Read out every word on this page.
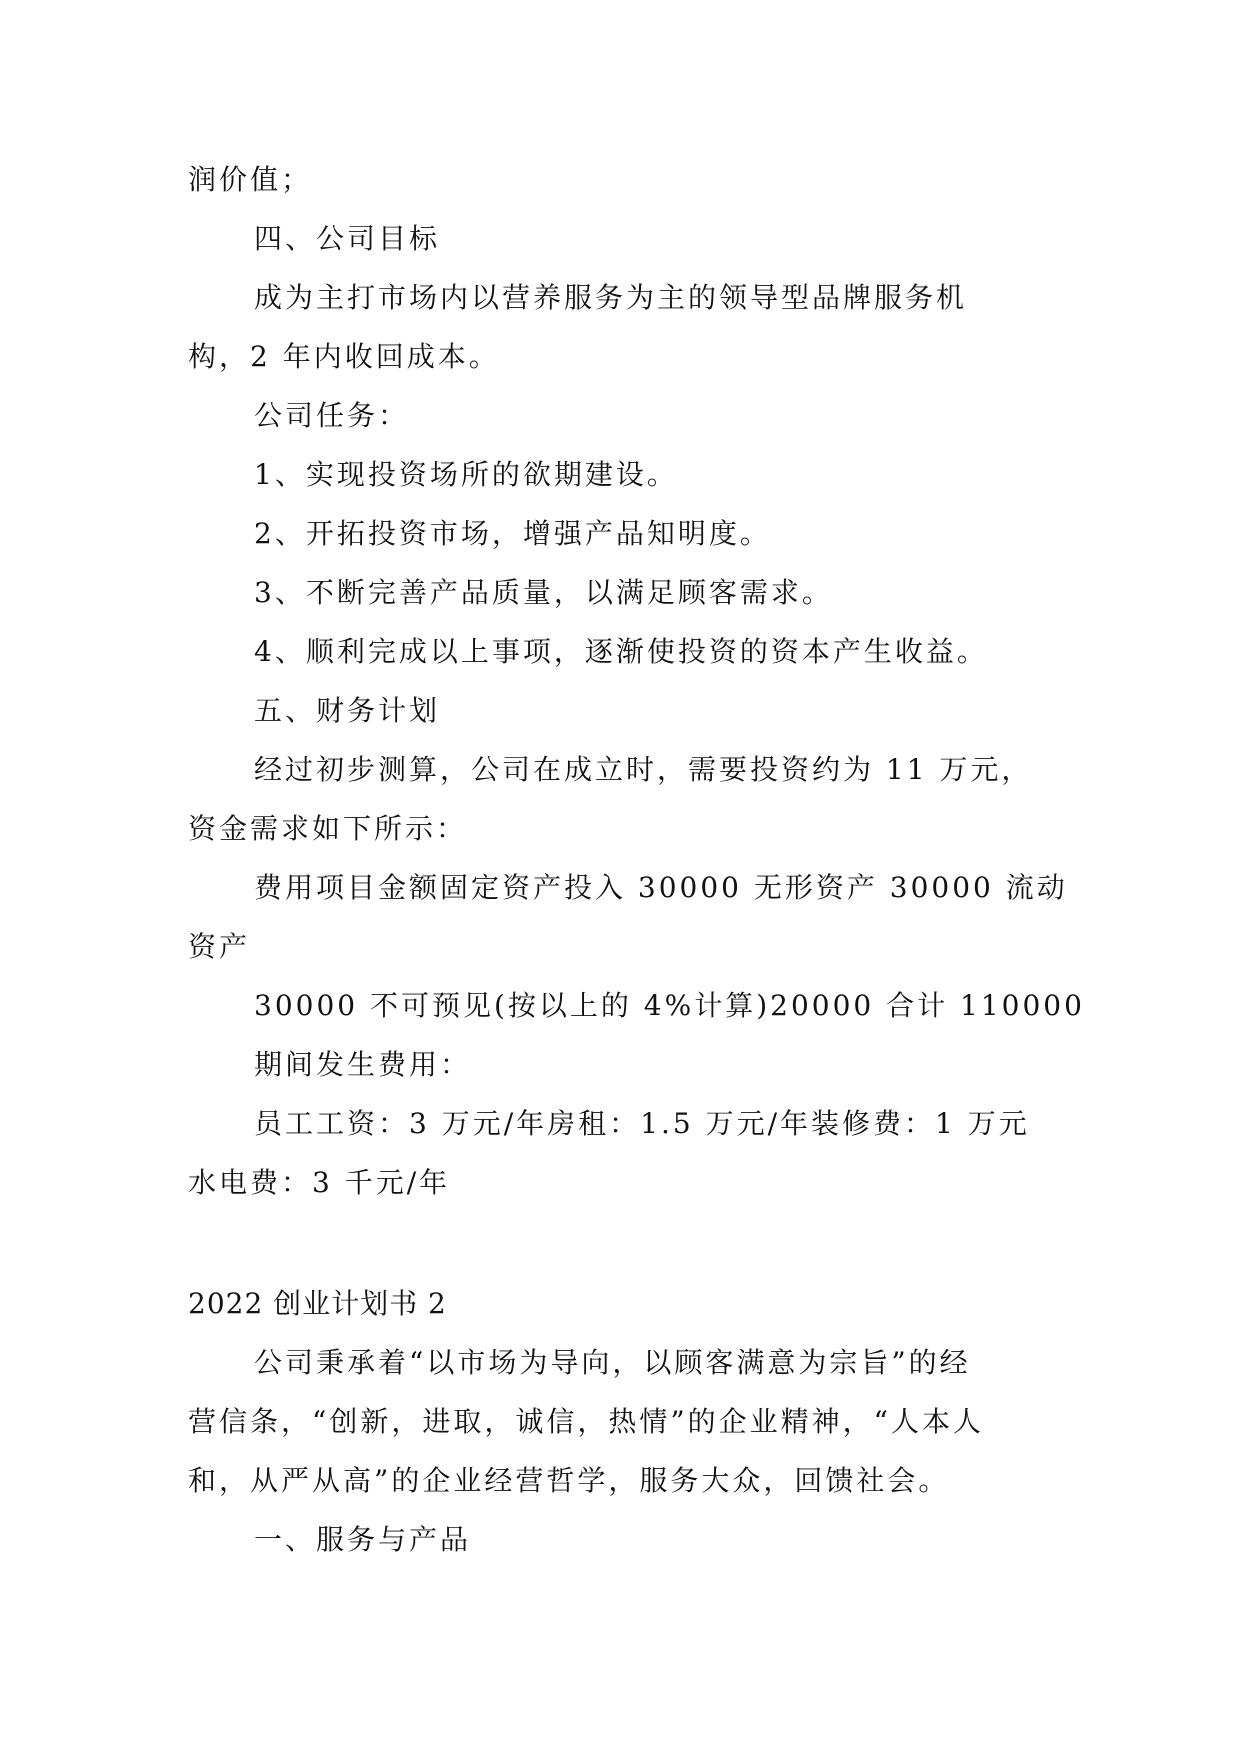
润价值；
四、公司目标
成为主打市场内以营养服务为主的领导型品牌服务机
构，2 年内收回成本。
公司任务：
1、实现投资场所的欲期建设。
2、开拓投资市场，增强产品知明度。
3、不断完善产品质量，以满足顾客需求。
4、顺利完成以上事项，逐渐使投资的资本产生收益。
五、财务计划
经过初步测算，公司在成立时，需要投资约为 11 万元，
资金需求如下所示：
费用项目金额固定资产投入 30000 无形资产 30000 流动
资产
30000 不可预见(按以上的 4%计算)20000 合计 110000
期间发生费用：
员工工资：3 万元/年房租：1.5 万元/年装修费：1 万元
水电费：3 千元/年
2022 创业计划书 2
公司秉承着“以市场为导向，以顾客满意为宗旨”的经
营信条，“创新，进取，诚信，热情”的企业精神，“人本人
和，从严从高”的企业经营哲学，服务大众，回馈社会。
一、服务与产品
